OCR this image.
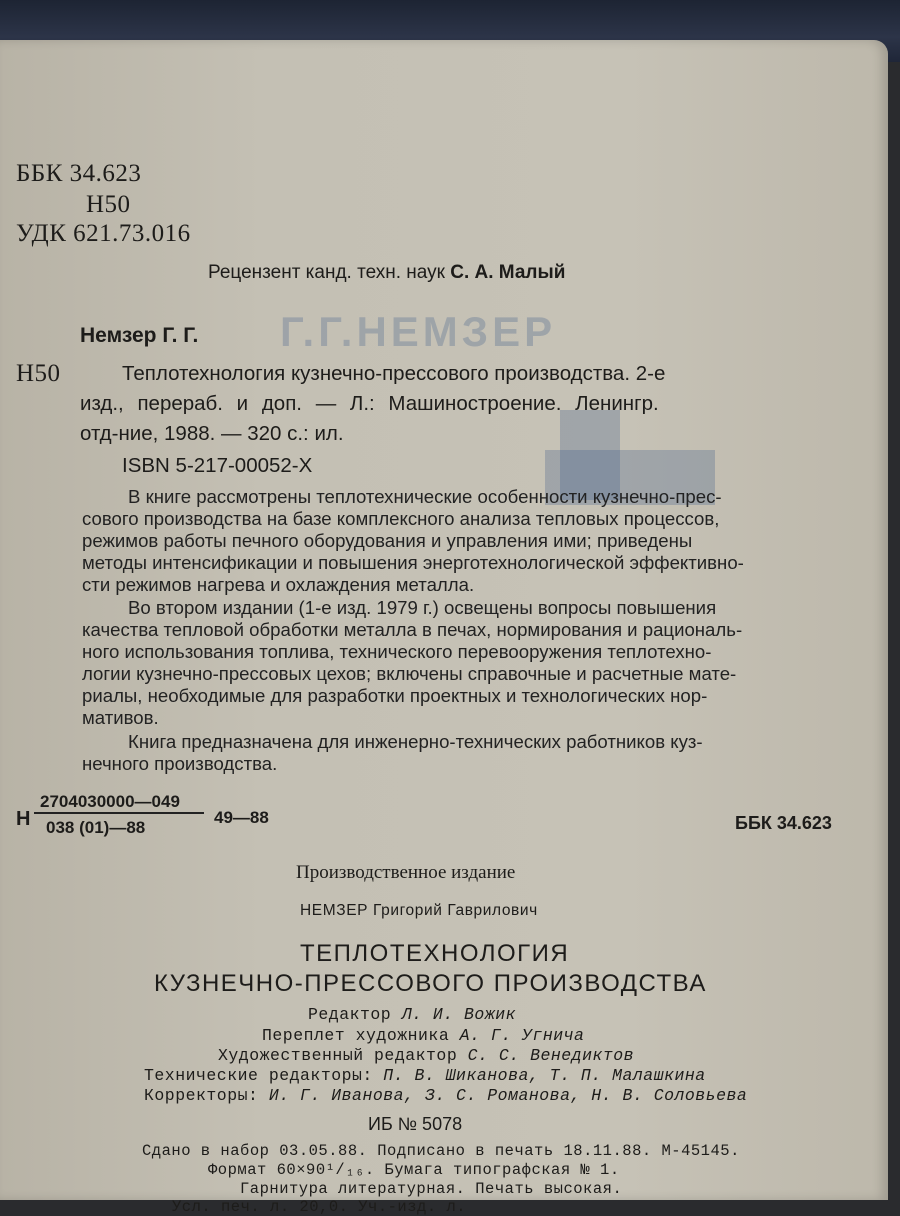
Г.Г.НЕМЗЕР
ББК 34.623
Н50
УДК 621.73.016
Рецензент канд. техн. наук С. А. Малый
Немзер Г. Г.
Н50	Теплотехнология кузнечно-прессового производства. 2-е
изд., перераб. и доп. — Л.: Машиностроение. Ленингр.
отд-ние, 1988. — 320 с.: ил.
ISBN 5-217-00052-X
В книге рассмотрены теплотехнические особенности кузнечно-прес-
сового производства на базе комплексного анализа тепловых процессов,
режимов работы печного оборудования и управления ими; приведены
методы интенсификации и повышения энерготехнологической эффективно-
сти режимов нагрева и охлаждения металла.
Во втором издании (1-е изд. 1979 г.) освещены вопросы повышения
качества тепловой обработки металла в печах, нормирования и рациональ-
ного использования топлива, технического перевооружения теплотехно-
логии кузнечно-прессовых цехов; включены справочные и расчетные мате-
риалы, необходимые для разработки проектных и технологических нор-
мативов.
Книга предназначена для инженерно-технических работников куз-
нечного производства.
Н
2704030000—049
038 (01)—88
49—88	ББК 34.623
Производственное издание
НЕМЗЕР Григорий Гаврилович
ТЕПЛОТЕХНОЛОГИЯ
КУЗНЕЧНО-ПРЕССОВОГО ПРОИЗВОДСТВА
Редактор Л. И. Вожик
Переплет художника А. Г. Угнича
Художественный редактор С. С. Венедиктов
Технические редакторы: П. В. Шиканова, Т. П. Малашкина
Корректоры: И. Г. Иванова, З. С. Романова, Н. В. Соловьева
ИБ № 5078
Сдано в набор 03.05.88. Подписано в печать 18.11.88. М-45145.
Формат 60×90¹/₁₆. Бумага типографская № 1.
Гарнитура литературная. Печать высокая.
Усл. печ. л. 20,0. Уч.-изд. л.
